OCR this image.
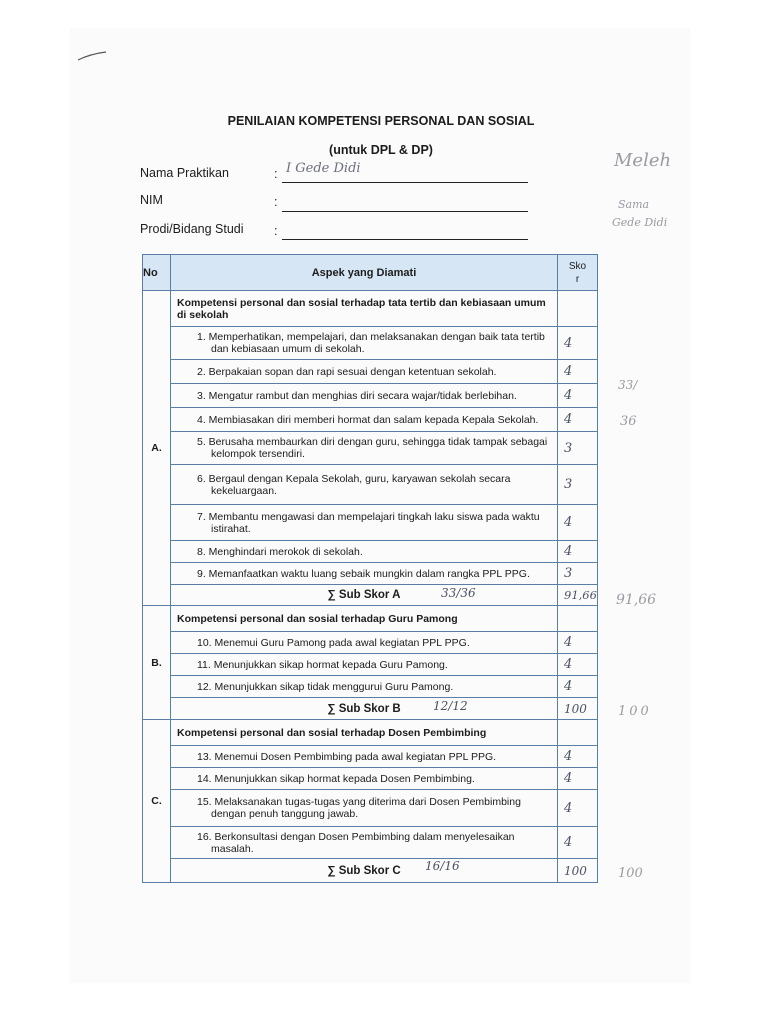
PENILAIAN KOMPETENSI PERSONAL DAN SOSIAL
(untuk DPL & DP)
Nama Praktikan	: I Gede Didi
NIM	:
Prodi/Bidang Studi :
No	Aspek yang Diamati	Sko
r
A.	Kompetensi personal dan sosial terhadap tata tertib dan kebiasaan umum di sekolah	
	1. Memperhatikan, mempelajari, dan melaksanakan dengan baik tata tertib dan kebiasaan umum di sekolah.	4
	2. Berpakaian sopan dan rapi sesuai dengan ketentuan sekolah.	4
	3. Mengatur rambut dan menghias diri secara wajar/tidak berlebihan.	4
	4. Membiasakan diri memberi hormat dan salam kepada Kepala Sekolah.	4
	5. Berusaha membaurkan diri dengan guru, sehingga tidak tampak sebagai kelompok tersendiri.	3
	6. Bergaul dengan Kepala Sekolah, guru, karyawan sekolah secara kekeluargaan.	3
	7. Membantu mengawasi dan mempelajari tingkah laku siswa pada waktu istirahat.	4
	8. Menghindari merokok di sekolah.	4
	9. Memanfaatkan waktu luang sebaik mungkin dalam rangka PPL PPG.	3
	∑ Sub Skor A 33/36	91,66
B.	Kompetensi personal dan sosial terhadap Guru Pamong	
	10. Menemui Guru Pamong pada awal kegiatan PPL PPG.	4
	11. Menunjukkan sikap hormat kepada Guru Pamong.	4
	12. Menunjukkan sikap tidak menggurui Guru Pamong.	4
	∑ Sub Skor B 12/12	100
C.	Kompetensi personal dan sosial terhadap Dosen Pembimbing	
	13. Menemui Dosen Pembimbing pada awal kegiatan PPL PPG.	4
	14. Menunjukkan sikap hormat kepada Dosen Pembimbing.	4
	15. Melaksanakan tugas-tugas yang diterima dari Dosen Pembimbing dengan penuh tanggung jawab.	4
	16. Berkonsultasi dengan Dosen Pembimbing dalam menyelesaikan masalah.	4
	∑ Sub Skor C 16/16	100
Meleh
Sama
Gede Didi
33/
36
91,66
100
100
